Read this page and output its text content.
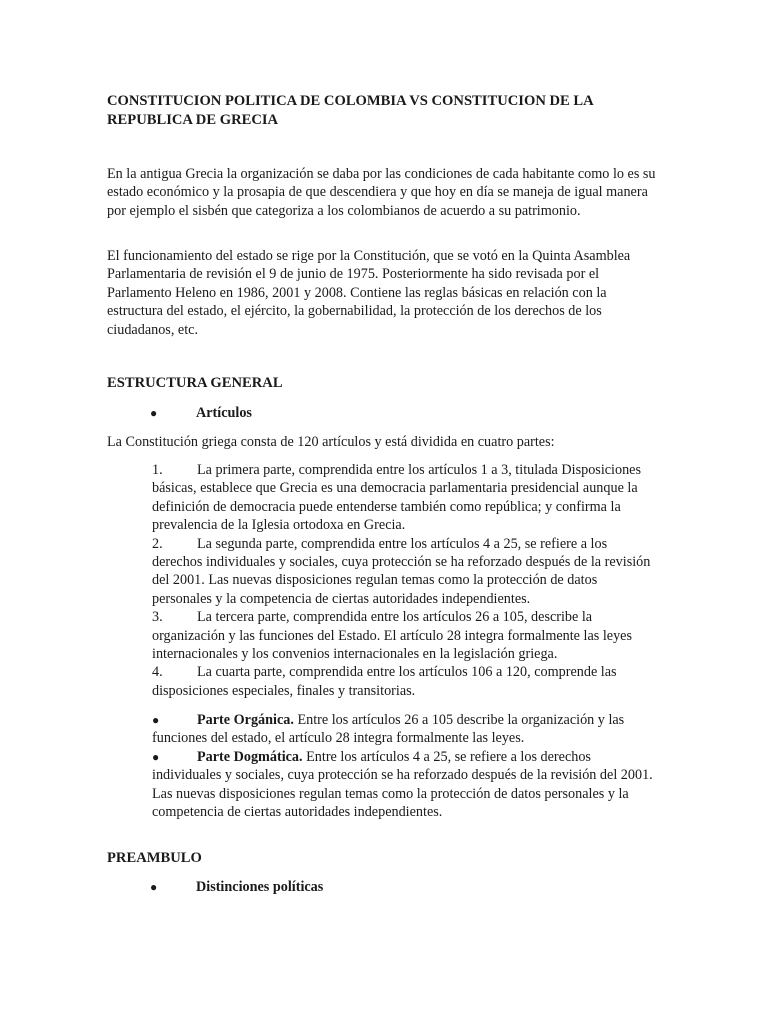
CONSTITUCION POLITICA DE COLOMBIA VS CONSTITUCION DE LA REPUBLICA DE GRECIA

En la antigua Grecia la organización se daba por las condiciones de cada habitante como lo es su estado económico y la prosapia de que descendiera y que hoy en día se maneja de igual manera por ejemplo el sisbén que categoriza a los colombianos de acuerdo a su patrimonio.

El funcionamiento del estado se rige por la Constitución, que se votó en la Quinta Asamblea Parlamentaria de revisión el 9 de junio de 1975. Posteriormente ha sido revisada por el Parlamento Heleno en 1986, 2001 y 2008. Contiene las reglas básicas en relación con la estructura del estado, el ejército, la gobernabilidad, la protección de los derechos de los ciudadanos, etc.

ESTRUCTURA GENERAL
●	Artículos

La Constitución griega consta de 120 artículos y está dividida en cuatro partes:

1. La primera parte, comprendida entre los artículos 1 a 3, titulada Disposiciones básicas, establece que Grecia es una democracia parlamentaria presidencial aunque la definición de democracia puede entenderse también como república; y confirma la prevalencia de la Iglesia ortodoxa en Grecia.
2. La segunda parte, comprendida entre los artículos 4 a 25, se refiere a los derechos individuales y sociales, cuya protección se ha reforzado después de la revisión del 2001. Las nuevas disposiciones regulan temas como la protección de datos personales y la competencia de ciertas autoridades independientes.
3. La tercera parte, comprendida entre los artículos 26 a 105, describe la organización y las funciones del Estado. El artículo 28 integra formalmente las leyes internacionales y los convenios internacionales en la legislación griega.
4. La cuarta parte, comprendida entre los artículos 106 a 120, comprende las disposiciones especiales, finales y transitorias.
●	Parte Orgánica. Entre los artículos 26 a 105 describe la organización y las funciones del estado, el artículo 28 integra formalmente las leyes.
●	Parte Dogmática. Entre los artículos 4 a 25, se refiere a los derechos individuales y sociales, cuya protección se ha reforzado después de la revisión del 2001. Las nuevas disposiciones regulan temas como la protección de datos personales y la competencia de ciertas autoridades independientes.
PREAMBULO
●	Distinciones políticas
